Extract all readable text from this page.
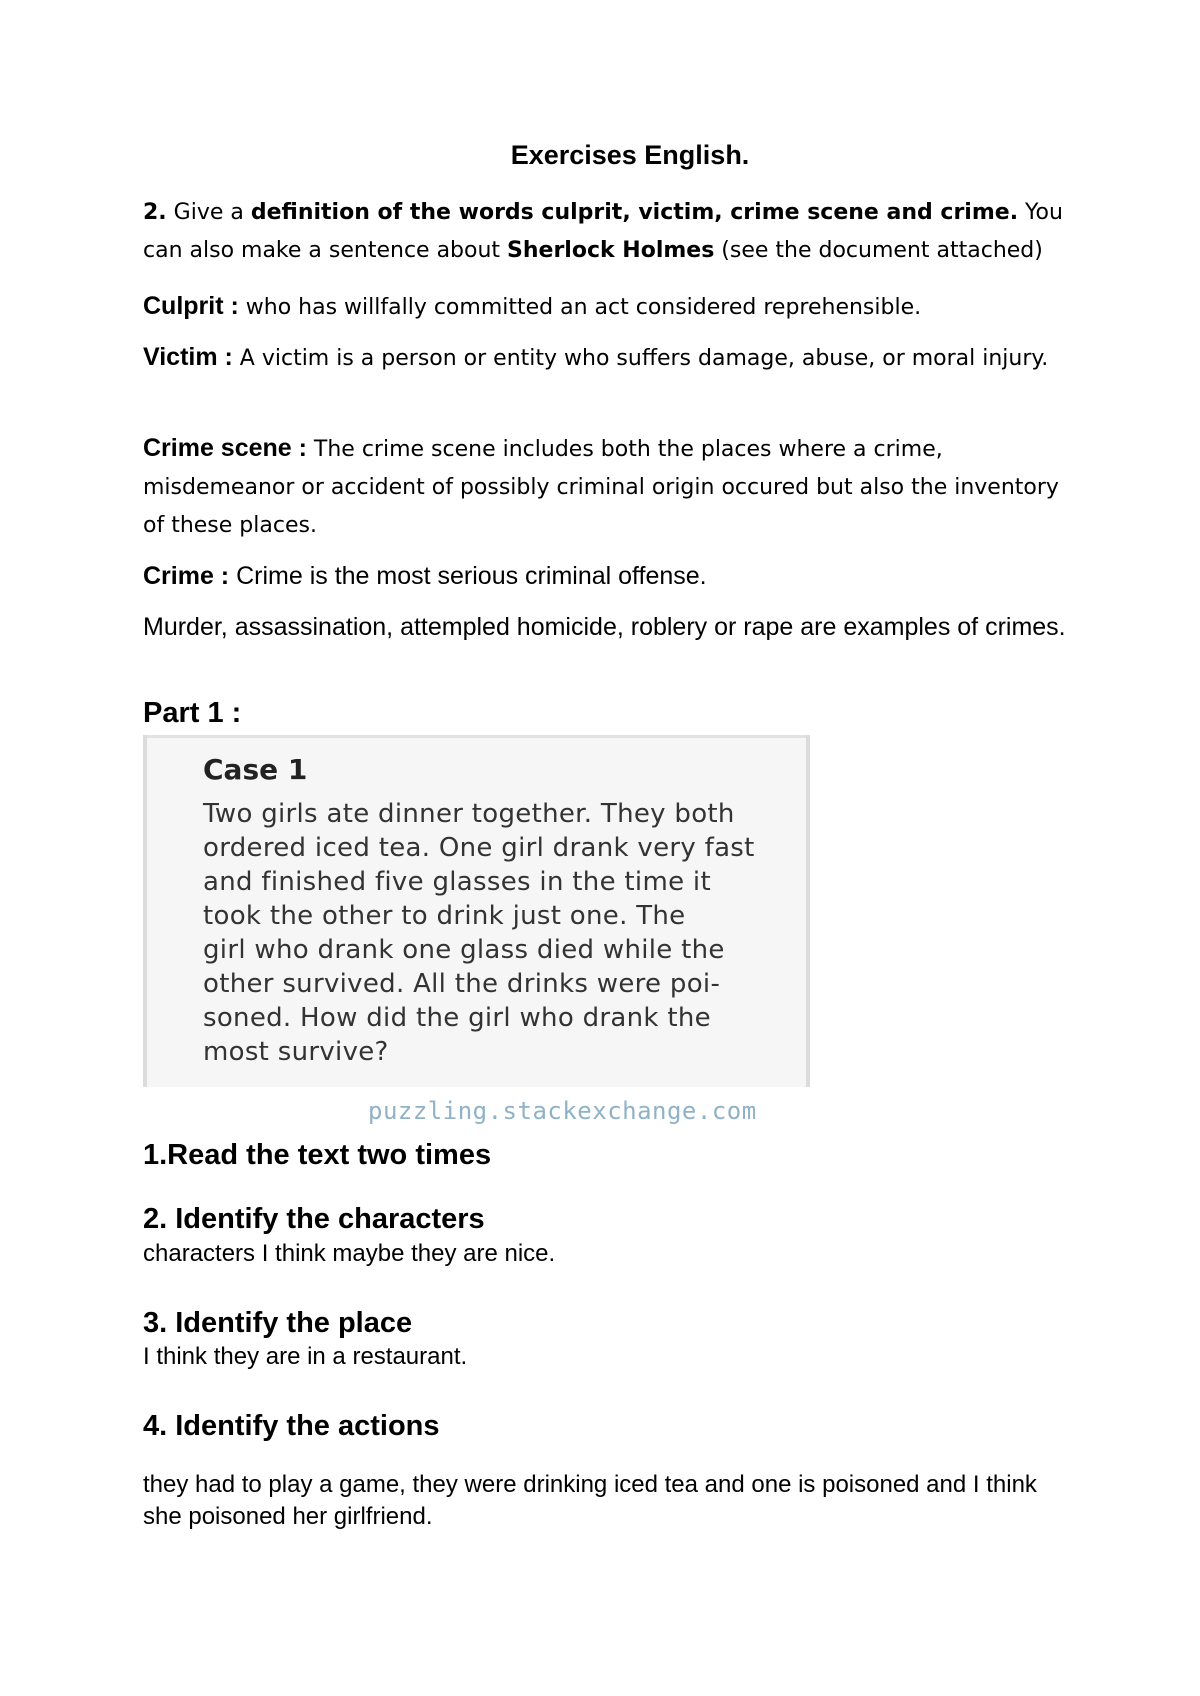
Exercises English.
2. Give a definition of the words culprit, victim, crime scene and crime. You can also make a sentence about Sherlock Holmes (see the document attached)
Culprit : who has willfally committed an act considered reprehensible.
Victim : A victim is a person or entity who suffers damage, abuse, or moral injury.
Crime scene : The crime scene includes both the places where a crime, misdemeanor or accident of possibly criminal origin occured but also the inventory of these places.
Crime : Crime is the most serious criminal offense.
Murder, assassination, attempled homicide, roblery or rape are examples of crimes.
Part 1 :
Case 1
Two girls ate dinner together. They both
ordered iced tea. One girl drank very fast
and finished five glasses in the time it
took the other to drink just one. The
girl who drank one glass died while the
other survived. All the drinks were poi-
soned. How did the girl who drank the
most survive?
puzzling.stackexchange.com
1.Read the text two times
2. Identify the characters
characters I think maybe they are nice.
3. Identify the place
I think they are in a restaurant.
4. Identify the actions
they had to play a game, they were drinking iced tea and one is poisoned and I think she poisoned her girlfriend.
